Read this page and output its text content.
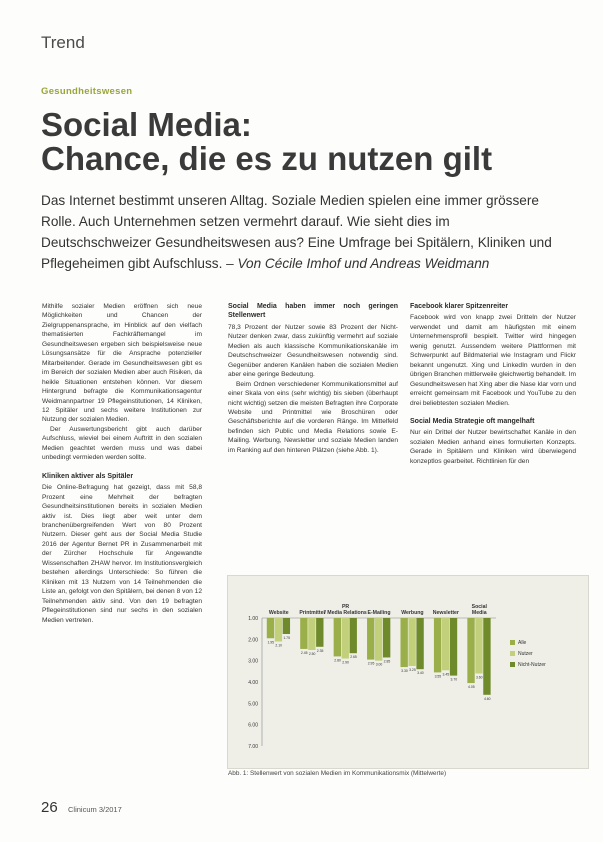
Trend
Gesundheitswesen
Social Media:
Chance, die es zu nutzen gilt
Das Internet bestimmt unseren Alltag. Soziale Medien spielen eine immer grössere Rolle. Auch Unternehmen setzen vermehrt darauf. Wie sieht dies im Deutschschweizer Gesundheitswesen aus? Eine Umfrage bei Spitälern, Kliniken und Pflegeheimen gibt Aufschluss. – Von Cécile Imhof und Andreas Weidmann

Mithilfe sozialer Medien eröffnen sich neue Möglichkeiten und Chancen der Zielgruppenansprache, im Hinblick auf den vielfach thematisierten Fachkräftemangel im Gesundheitswesen ergeben sich beispielsweise neue Lösungsansätze für die Ansprache potenzieller Mitarbeitender. Gerade im Gesundheitswesen gibt es im Bereich der sozialen Medien aber auch Risiken, da heikle Situationen entstehen können. Vor diesem Hintergrund befragte die Kommunikationsagentur Weidmannpartner 19 Pflegeinstitutionen, 14 Kliniken, 12 Spitäler und sechs weitere Institutionen zur Nutzung der sozialen Medien.

Der Auswertungsbericht gibt auch darüber Aufschluss, wieviel bei einem Auftritt in den sozialen Medien geachtet werden muss und was dabei unbedingt vermieden werden sollte.

Kliniken aktiver als Spitäler

Die Online-Befragung hat gezeigt, dass mit 58,8 Prozent eine Mehrheit der befragten Gesundheitsinstitutionen bereits in sozialen Medien aktiv ist. Dies liegt aber weit unter dem branchenübergreifenden Wert von 80 Prozent Nutzern. Dieser geht aus der Social Media Studie 2016 der Agentur Bernet PR in Zusammenarbeit mit der Zürcher Hochschule für Angewandte Wissenschaften ZHAW hervor. Im Institutionsvergleich bestehen allerdings Unterschiede: So führen die Kliniken mit 13 Nutzern von 14 Teilnehmenden die Liste an, gefolgt von den Spitälern, bei denen 8 von 12 Teilnehmenden aktiv sind. Von den 19 befragten Pflegeinstitutionen sind nur sechs in den sozialen Medien vertreten.

Social Media haben immer noch geringen Stellenwert

78,3 Prozent der Nutzer sowie 83 Prozent der Nicht-Nutzer denken zwar, dass zukünftig vermehrt auf soziale Medien als auch klassische Kommunikationskanäle im Deutschschweizer Gesundheitswesen notwendig sind. Gegenüber anderen Kanälen haben die sozialen Medien aber eine geringe Bedeutung.

Beim Ordnen verschiedener Kommunikationsmittel auf einer Skala von eins (sehr wichtig) bis sieben (überhaupt nicht wichtig) setzen die meisten Befragten ihre Corporate Website und Printmittel wie Broschüren oder Geschäftsberichte auf die vorderen Ränge. Im Mittelfeld befinden sich Public und Media Relations sowie E-Mailing. Werbung, Newsletter und soziale Medien landen im Ranking auf den hinteren Plätzen (siehe Abb. 1).

Facebook klarer Spitzenreiter

Facebook wird von knapp zwei Dritteln der Nutzer verwendet und damit am häufigsten mit einem Unternehmensprofil bespielt. Twitter wird hingegen wenig genutzt. Aussendem weitere Plattformen mit Schwerpunkt auf Bildmaterial wie Instagram und Flickr bekannt ungenutzt. Xing und LinkedIn wurden in den übrigen Branchen mittlerweile gleichwertig behandelt. Im Gesundheitswesen hat Xing aber die Nase klar vorn und erreicht gemeinsam mit Facebook und YouTube zu den drei beliebtesten sozialen Medien.

Social Media Strategie oft mangelhaft

Nur ein Drittel der Nutzer bewirtschaftet Kanäle in den sozialen Medien anhand eines formulierten Konzepts. Gerade in Spitälern und Kliniken wird überwiegend konzeptlos gearbeitet. Richtlinien für den

1.00
2.00
3.00
4.00
5.00
6.00
7.00
Website
1.95
2.10
1.75
Printmittel
2.45 2.50
2.35
PR
/ Media Relations
2.80
2.90
2.65
E-Mailing
2.95 3.00
2.85
Werbung
3.30 3.25
3.40
Newsletter
3.55
3.45
3.70
Social
Media
4.05
3.60
4.60
Alle
Nutzer
Nicht-Nutzer
Abb. 1: Stellenwert von sozialen Medien im Kommunikationsmix (Mittelwerte)
26 Clinicum 3/2017
